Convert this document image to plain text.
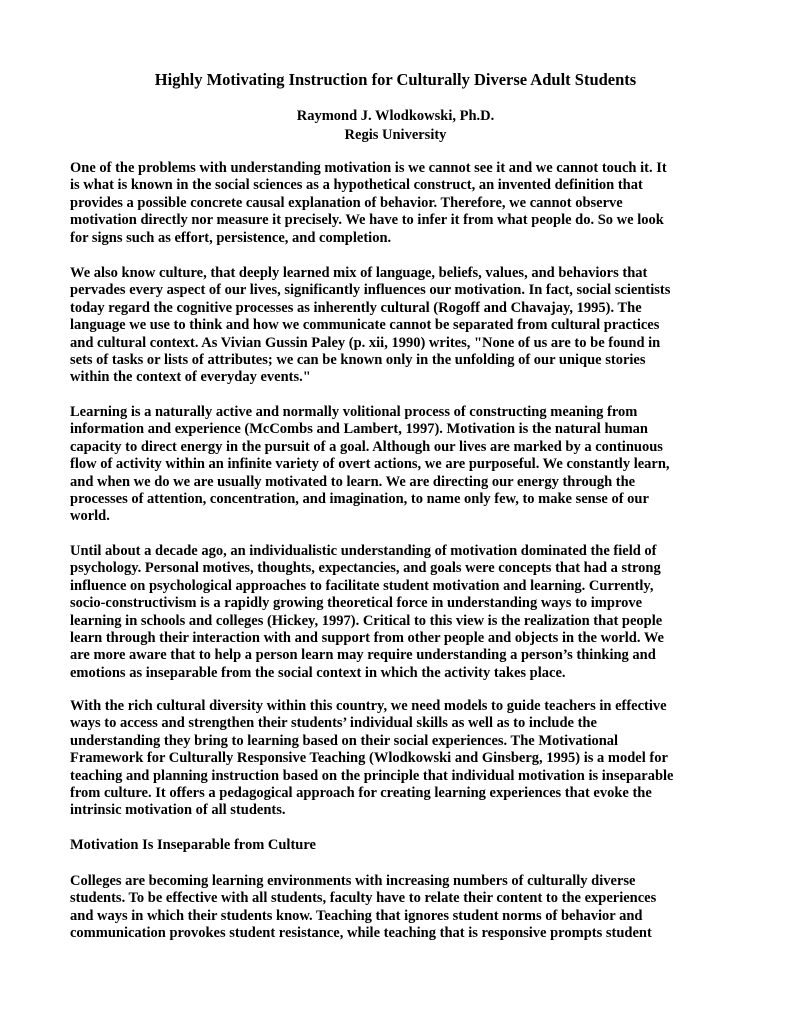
Highly Motivating Instruction for Culturally Diverse Adult Students
Raymond J. Wlodkowski, Ph.D.
Regis University
One of the problems with understanding motivation is we cannot see it and we cannot touch it. It
is what is known in the social sciences as a hypothetical construct, an invented definition that
provides a possible concrete causal explanation of behavior. Therefore, we cannot observe
motivation directly nor measure it precisely. We have to infer it from what people do. So we look
for signs such as effort, persistence, and completion.
We also know culture, that deeply learned mix of language, beliefs, values, and behaviors that
pervades every aspect of our lives, significantly influences our motivation. In fact, social scientists
today regard the cognitive processes as inherently cultural (Rogoff and Chavajay, 1995). The
language we use to think and how we communicate cannot be separated from cultural practices
and cultural context. As Vivian Gussin Paley (p. xii, 1990) writes, "None of us are to be found in
sets of tasks or lists of attributes; we can be known only in the unfolding of our unique stories
within the context of everyday events."
Learning is a naturally active and normally volitional process of constructing meaning from
information and experience (McCombs and Lambert, 1997). Motivation is the natural human
capacity to direct energy in the pursuit of a goal. Although our lives are marked by a continuous
flow of activity within an infinite variety of overt actions, we are purposeful. We constantly learn,
and when we do we are usually motivated to learn. We are directing our energy through the
processes of attention, concentration, and imagination, to name only few, to make sense of our
world.
Until about a decade ago, an individualistic understanding of motivation dominated the field of
psychology. Personal motives, thoughts, expectancies, and goals were concepts that had a strong
influence on psychological approaches to facilitate student motivation and learning. Currently,
socio-constructivism is a rapidly growing theoretical force in understanding ways to improve
learning in schools and colleges (Hickey, 1997). Critical to this view is the realization that people
learn through their interaction with and support from other people and objects in the world. We
are more aware that to help a person learn may require understanding a person’s thinking and
emotions as inseparable from the social context in which the activity takes place.
With the rich cultural diversity within this country, we need models to guide teachers in effective
ways to access and strengthen their students’ individual skills as well as to include the
understanding they bring to learning based on their social experiences. The Motivational
Framework for Culturally Responsive Teaching (Wlodkowski and Ginsberg, 1995) is a model for
teaching and planning instruction based on the principle that individual motivation is inseparable
from culture. It offers a pedagogical approach for creating learning experiences that evoke the
intrinsic motivation of all students.
Motivation Is Inseparable from Culture
Colleges are becoming learning environments with increasing numbers of culturally diverse
students. To be effective with all students, faculty have to relate their content to the experiences
and ways in which their students know. Teaching that ignores student norms of behavior and
communication provokes student resistance, while teaching that is responsive prompts student
